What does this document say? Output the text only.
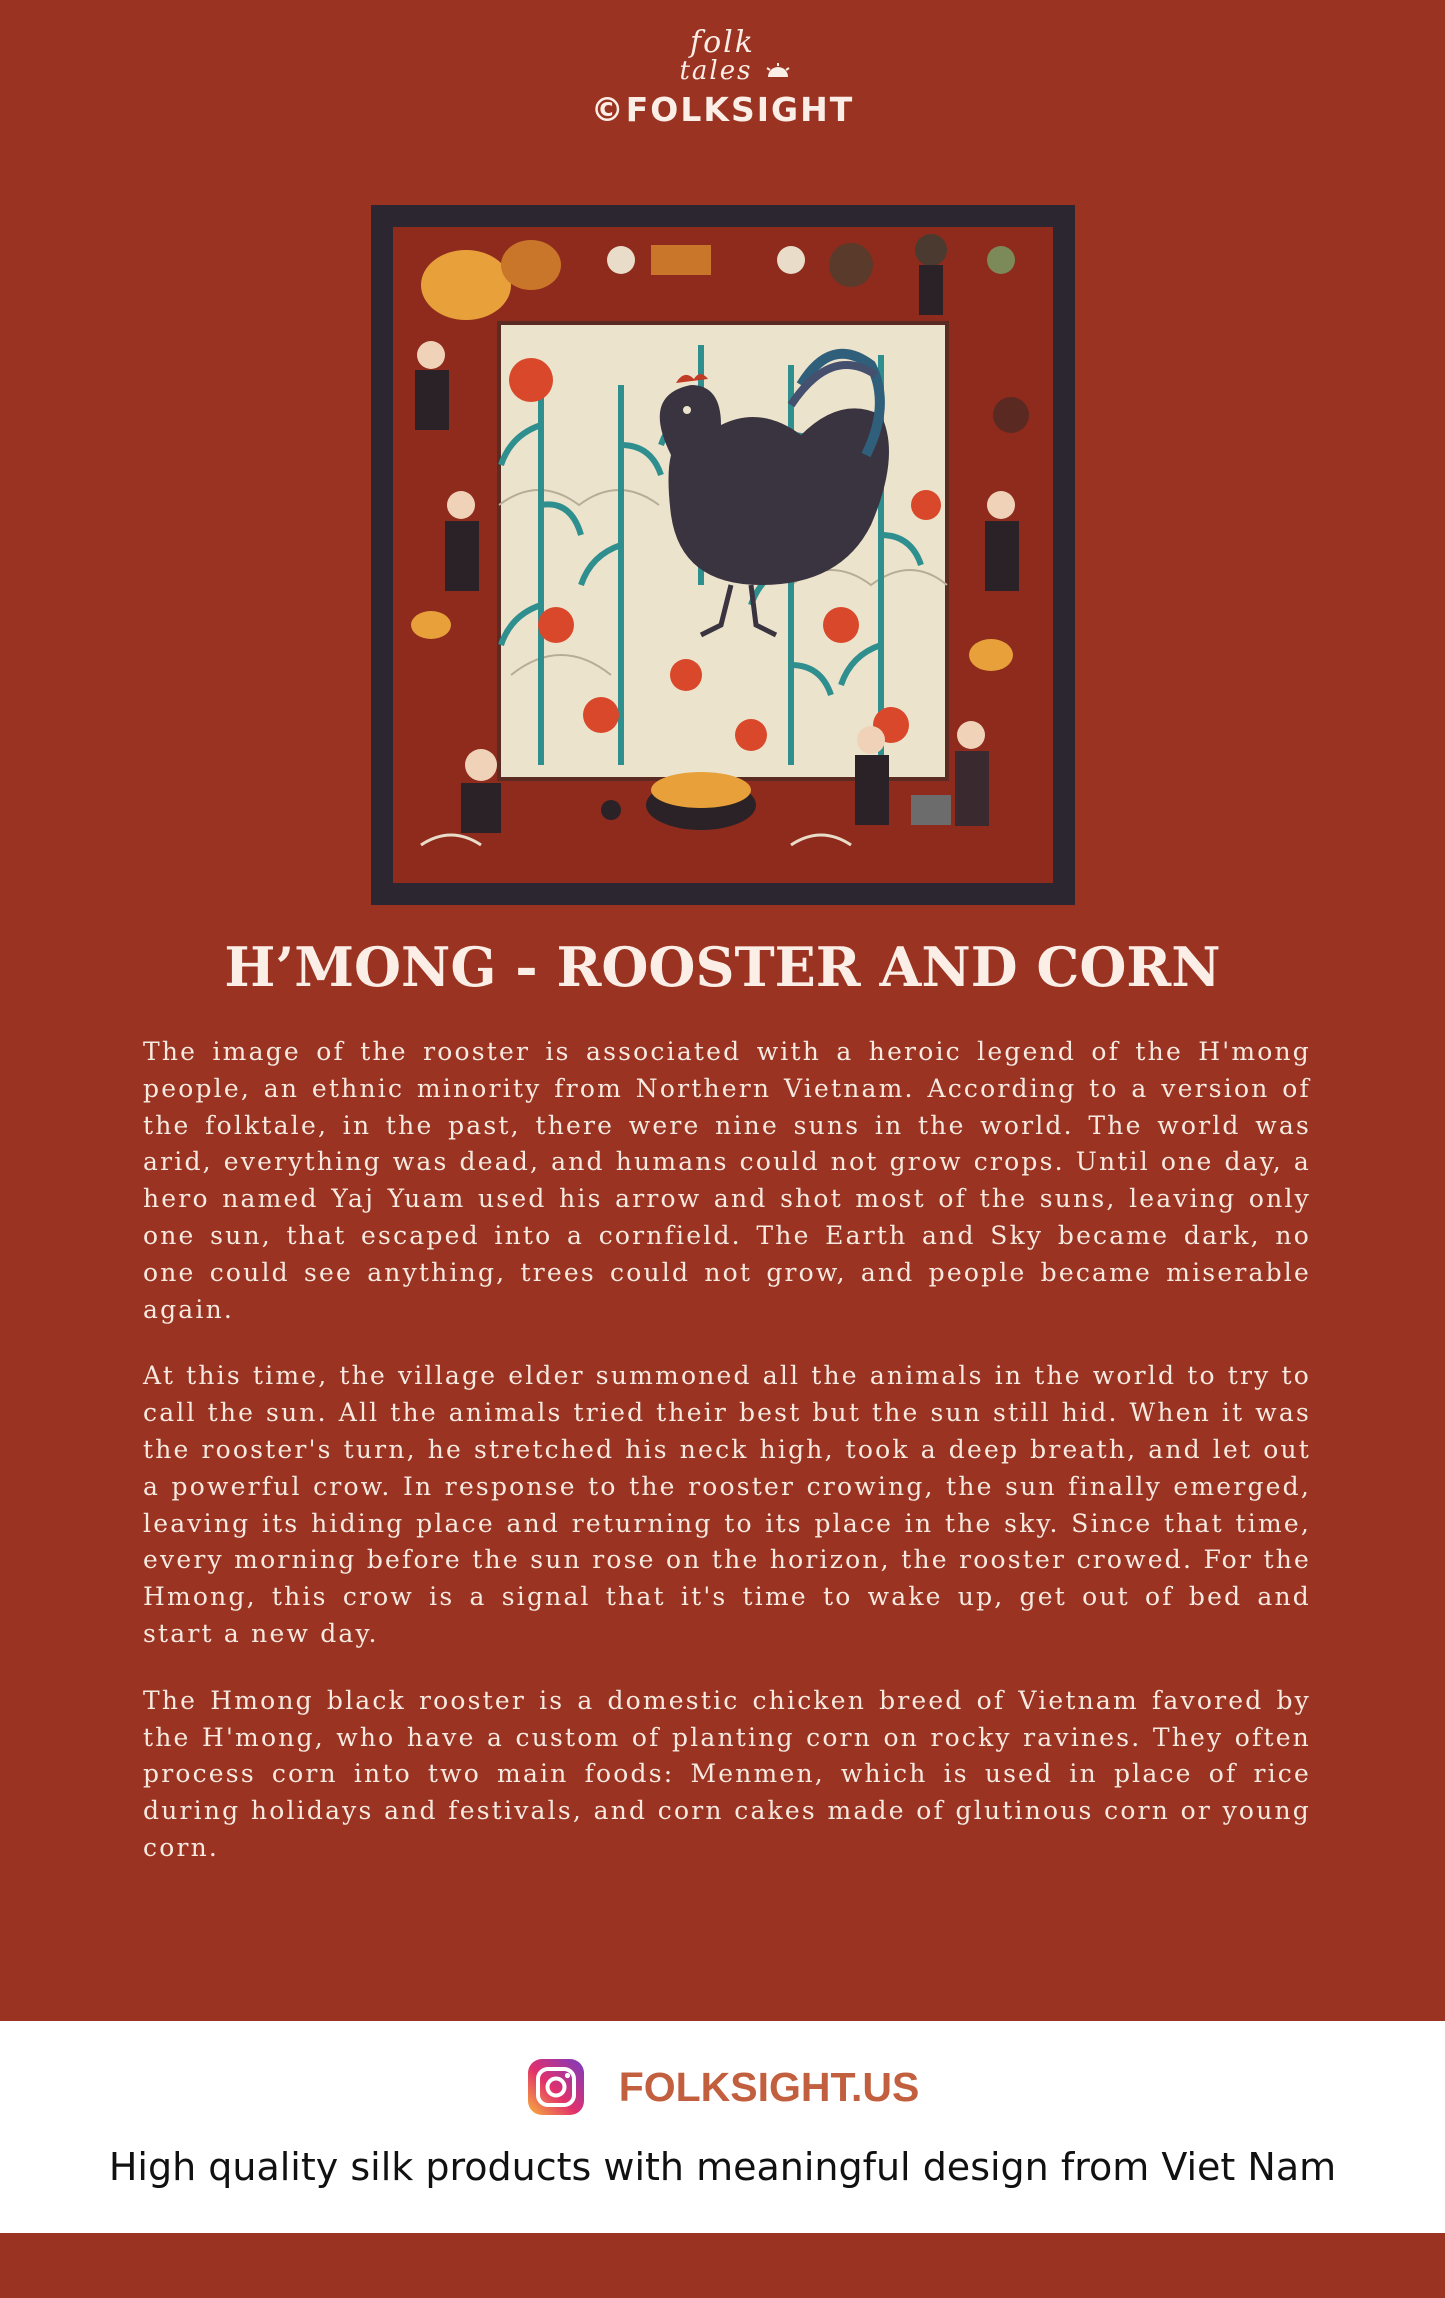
folk
tales
©FOLKSIGHT
H’MONG - ROOSTER AND CORN

The image of the rooster is associated with a heroic legend of the H'mong people, an ethnic minority from Northern Vietnam. According to a version of the folktale, in the past, there were nine suns in the world. The world was arid, everything was dead, and humans could not grow crops. Until one day, a hero named Yaj Yuam used his arrow and shot most of the suns, leaving only one sun, that escaped into a cornfield. The Earth and Sky became dark, no one could see anything, trees could not grow, and people became miserable again.

At this time, the village elder summoned all the animals in the world to try to call the sun. All the animals tried their best but the sun still hid. When it was the rooster's turn, he stretched his neck high, took a deep breath, and let out a powerful crow. In response to the rooster crowing, the sun finally emerged, leaving its hiding place and returning to its place in the sky. Since that time, every morning before the sun rose on the horizon, the rooster crowed. For the Hmong, this crow is a signal that it's time to wake up, get out of bed and start a new day.

The Hmong black rooster is a domestic chicken breed of Vietnam favored by the H'mong, who have a custom of planting corn on rocky ravines. They often process corn into two main foods: Menmen, which is used in place of rice during holidays and festivals, and corn cakes made of glutinous corn or young corn.

FOLKSIGHT.US
High quality silk products with meaningful design from Viet Nam
